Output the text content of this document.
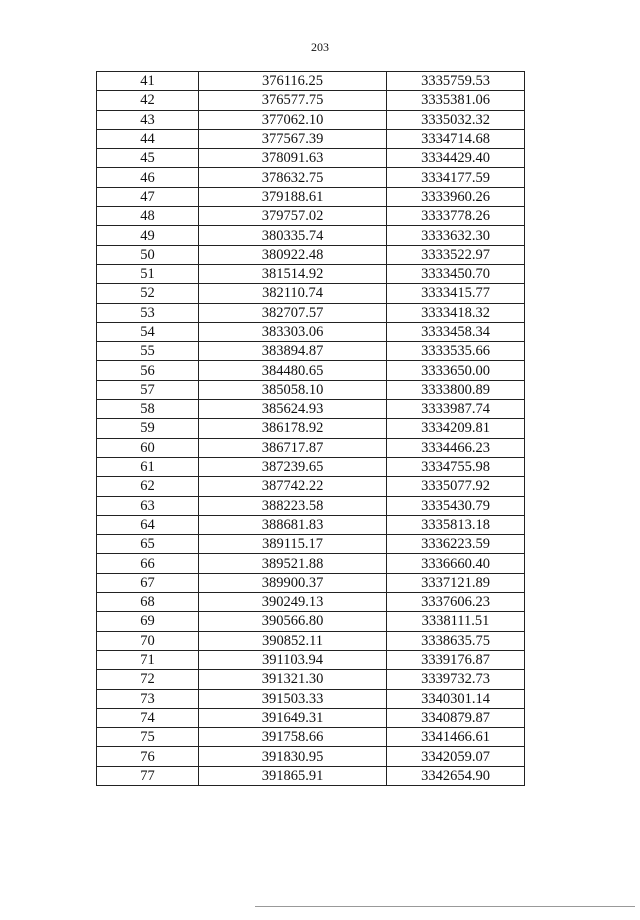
203
41	376116.25	3335759.53
42	376577.75	3335381.06
43	377062.10	3335032.32
44	377567.39	3334714.68
45	378091.63	3334429.40
46	378632.75	3334177.59
47	379188.61	3333960.26
48	379757.02	3333778.26
49	380335.74	3333632.30
50	380922.48	3333522.97
51	381514.92	3333450.70
52	382110.74	3333415.77
53	382707.57	3333418.32
54	383303.06	3333458.34
55	383894.87	3333535.66
56	384480.65	3333650.00
57	385058.10	3333800.89
58	385624.93	3333987.74
59	386178.92	3334209.81
60	386717.87	3334466.23
61	387239.65	3334755.98
62	387742.22	3335077.92
63	388223.58	3335430.79
64	388681.83	3335813.18
65	389115.17	3336223.59
66	389521.88	3336660.40
67	389900.37	3337121.89
68	390249.13	3337606.23
69	390566.80	3338111.51
70	390852.11	3338635.75
71	391103.94	3339176.87
72	391321.30	3339732.73
73	391503.33	3340301.14
74	391649.31	3340879.87
75	391758.66	3341466.61
76	391830.95	3342059.07
77	391865.91	3342654.90
